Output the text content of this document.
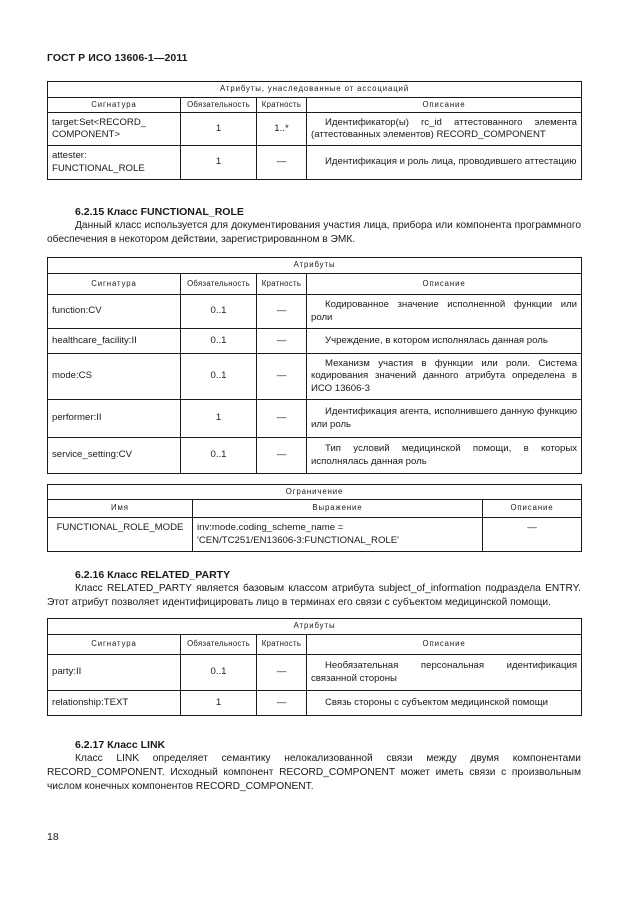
ГОСТ Р ИСО 13606-1—2011
Атрибуты, унаследованные от ассоциаций			
Сигнатура	Обязательность	Кратность	Описание
target:Set<RECORD_ COMPONENT>	1	1..*	Идентификатор(ы) rc_id аттестованного элемента (аттестованных элементов) RECORD_COMPONENT
attester: FUNCTIONAL_ROLE	1	—	Идентификация и роль лица, проводившего аттестацию
6.2.15 Класс FUNCTIONAL_ROLE
Данный класс используется для документирования участия лица, прибора или компонента программного обеспечения в некотором действии, зарегистрированном в ЭМК.
Атрибуты			
Сигнатура	Обязательность	Кратность	Описание
function:CV	0..1	—	Кодированное значение исполненной функции или роли
healthcare_facility:II	0..1	—	Учреждение, в котором исполнялась данная роль
mode:CS	0..1	—	Механизм участия в функции или роли. Система кодирования значений данного атрибута определена в ИСО 13606-3
performer:II	1	—	Идентификация агента, исполнившего данную функцию или роль
service_setting:CV	0..1	—	Тип условий медицинской помощи, в которых исполнялась данная роль
Ограничение		
Имя	Выражение	Описание
FUNCTIONAL_ROLE_MODE	inv:mode.coding_scheme_name =
'CEN/TC251/EN13606-3:FUNCTIONAL_ROLE'	—
6.2.16 Класс RELATED_PARTY
Класс RELATED_PARTY является базовым классом атрибута subject_of_information подраздела ENTRY. Этот атрибут позволяет идентифицировать лицо в терминах его связи с субъектом медицинской помощи.
Атрибуты			
Сигнатура	Обязательность	Кратность	Описание
party:II	0..1	—	Необязательная персональная идентификация связанной стороны
relationship:TEXT	1	—	Связь стороны с субъектом медицинской помощи
6.2.17 Класс LINK
Класс LINK определяет семантику нелокализованной связи между двумя компонентами RECORD_COMPONENT. Исходный компонент RECORD_COMPONENT может иметь связи с произвольным числом конечных компонентов RECORD_COMPONENT.
18
